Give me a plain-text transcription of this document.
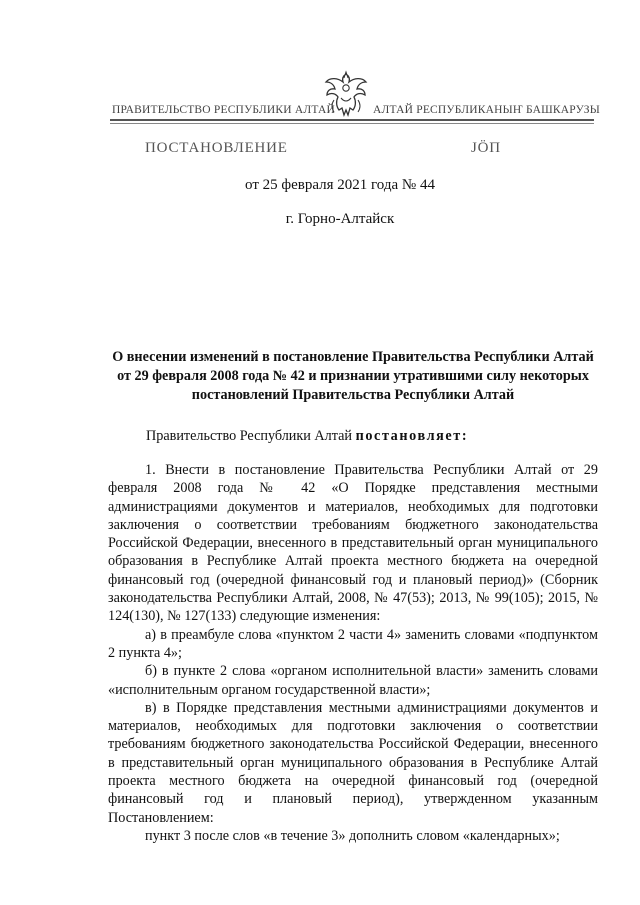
ПРАВИТЕЛЬСТВО РЕСПУБЛИКИ АЛТАЙ	АЛТАЙ РЕСПУБЛИКАНЫҤ БАШКАРУЗЫ
ПОСТАНОВЛЕНИЕ	ЈӦП
от 25 февраля 2021 года № 44
г. Горно-Алтайск
О внесении изменений в постановление Правительства Республики Алтай от 29 февраля 2008 года № 42 и признании утратившими силу некоторых постановлений Правительства Республики Алтай
Правительство Республики Алтай постановляет:

1. Внести в постановление Правительства Республики Алтай от 29 февраля 2008 года № 42 «О Порядке представления местными администрациями документов и материалов, необходимых для подготовки заключения о соответствии требованиям бюджетного законодательства Российской Федерации, внесенного в представительный орган муниципального образования в Республике Алтай проекта местного бюджета на очередной финансовый год (очередной финансовый год и плановый период)» (Сборник законодательства Республики Алтай, 2008, № 47(53); 2013, № 99(105); 2015, № 124(130), № 127(133) следующие изменения:

а) в преамбуле слова «пунктом 2 части 4» заменить словами «подпунктом 2 пункта 4»;

б) в пункте 2 слова «органом исполнительной власти» заменить словами «исполнительным органом государственной власти»;

в) в Порядке представления местными администрациями документов и материалов, необходимых для подготовки заключения о соответствии требованиям бюджетного законодательства Российской Федерации, внесенного в представительный орган муниципального образования в Республике Алтай проекта местного бюджета на очередной финансовый год (очередной финансовый год и плановый период), утвержденном указанным Постановлением:

пункт 3 после слов «в течение 3» дополнить словом «календарных»;
